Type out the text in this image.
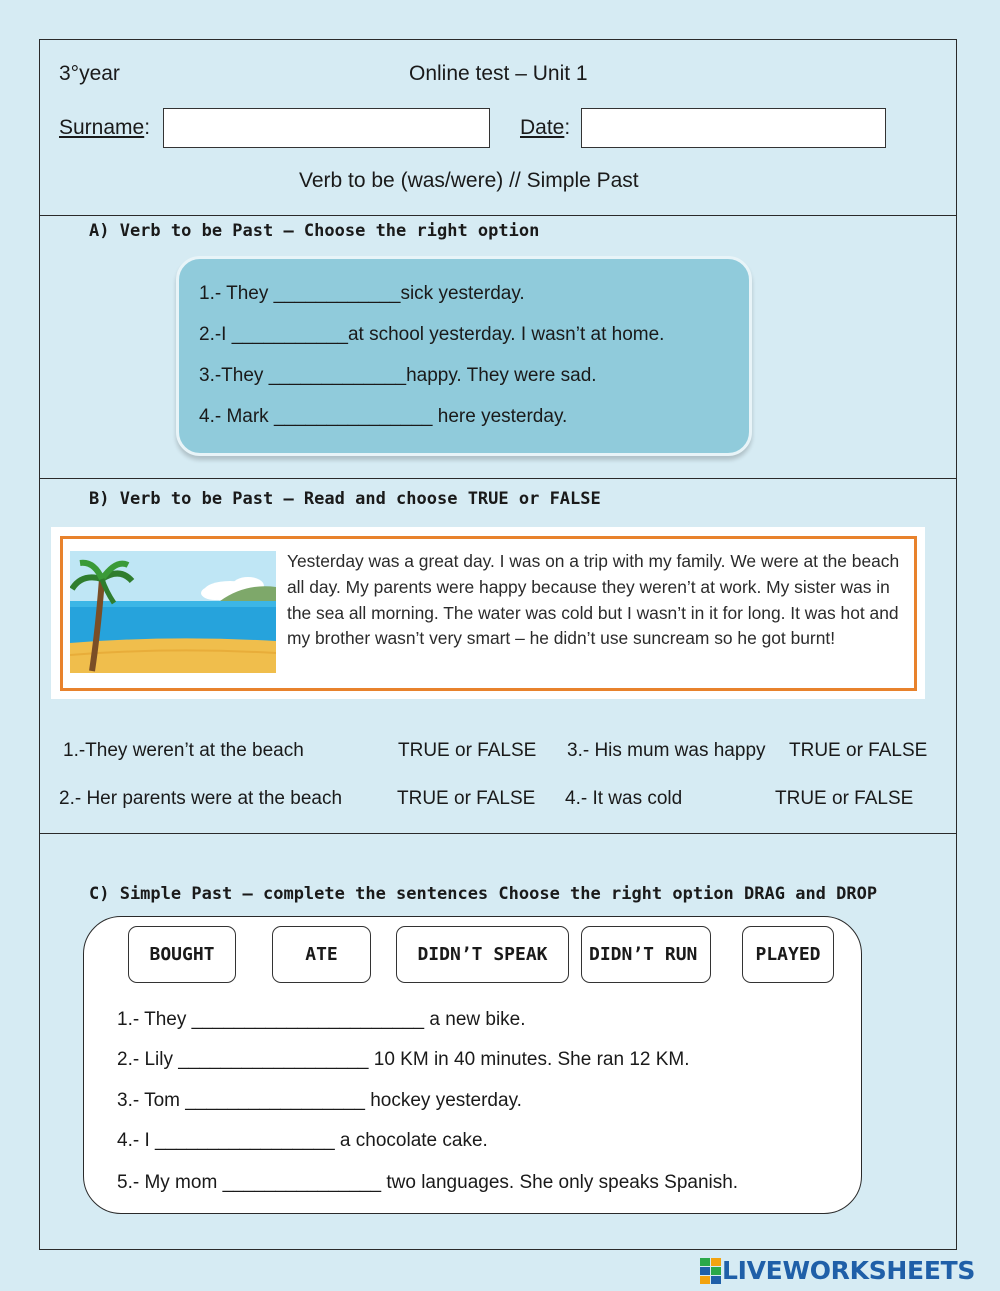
3°year	Online test – Unit 1
Surname:	Date:
Verb to be (was/were) // Simple Past
A) Verb to be Past – Choose the right option
1.- They ____________sick yesterday.
2.-I ___________at school yesterday. I wasn’t at home.
3.-They _____________happy. They were sad.
4.- Mark _______________ here yesterday.
B) Verb to be Past – Read and choose TRUE or FALSE
Yesterday was a great day. I was on a trip with my family. We were at the beach all day. My parents were happy because they weren’t at work. My sister was in the sea all morning. The water was cold but I wasn’t in it for long. It was hot and my brother wasn’t very smart – he didn’t use suncream so he got burnt!
1.-They weren’t at the beach	TRUE or FALSE 3.- His mum was happy TRUE or FALSE
2.- Her parents were at the beach	TRUE or FALSE 4.- It was cold	TRUE or FALSE
C) Simple Past – complete the sentences Choose the right option DRAG and DROP
BOUGHT	ATE	DIDN’T SPEAK	DIDN’T RUN	PLAYED
1.- They ______________________ a new bike.
2.- Lily __________________ 10 KM in 40 minutes. She ran 12 KM.
3.- Tom _________________ hockey yesterday.
4.- I _________________ a chocolate cake.
5.- My mom _______________ two languages. She only speaks Spanish.
LIVEWORKSHEETS
